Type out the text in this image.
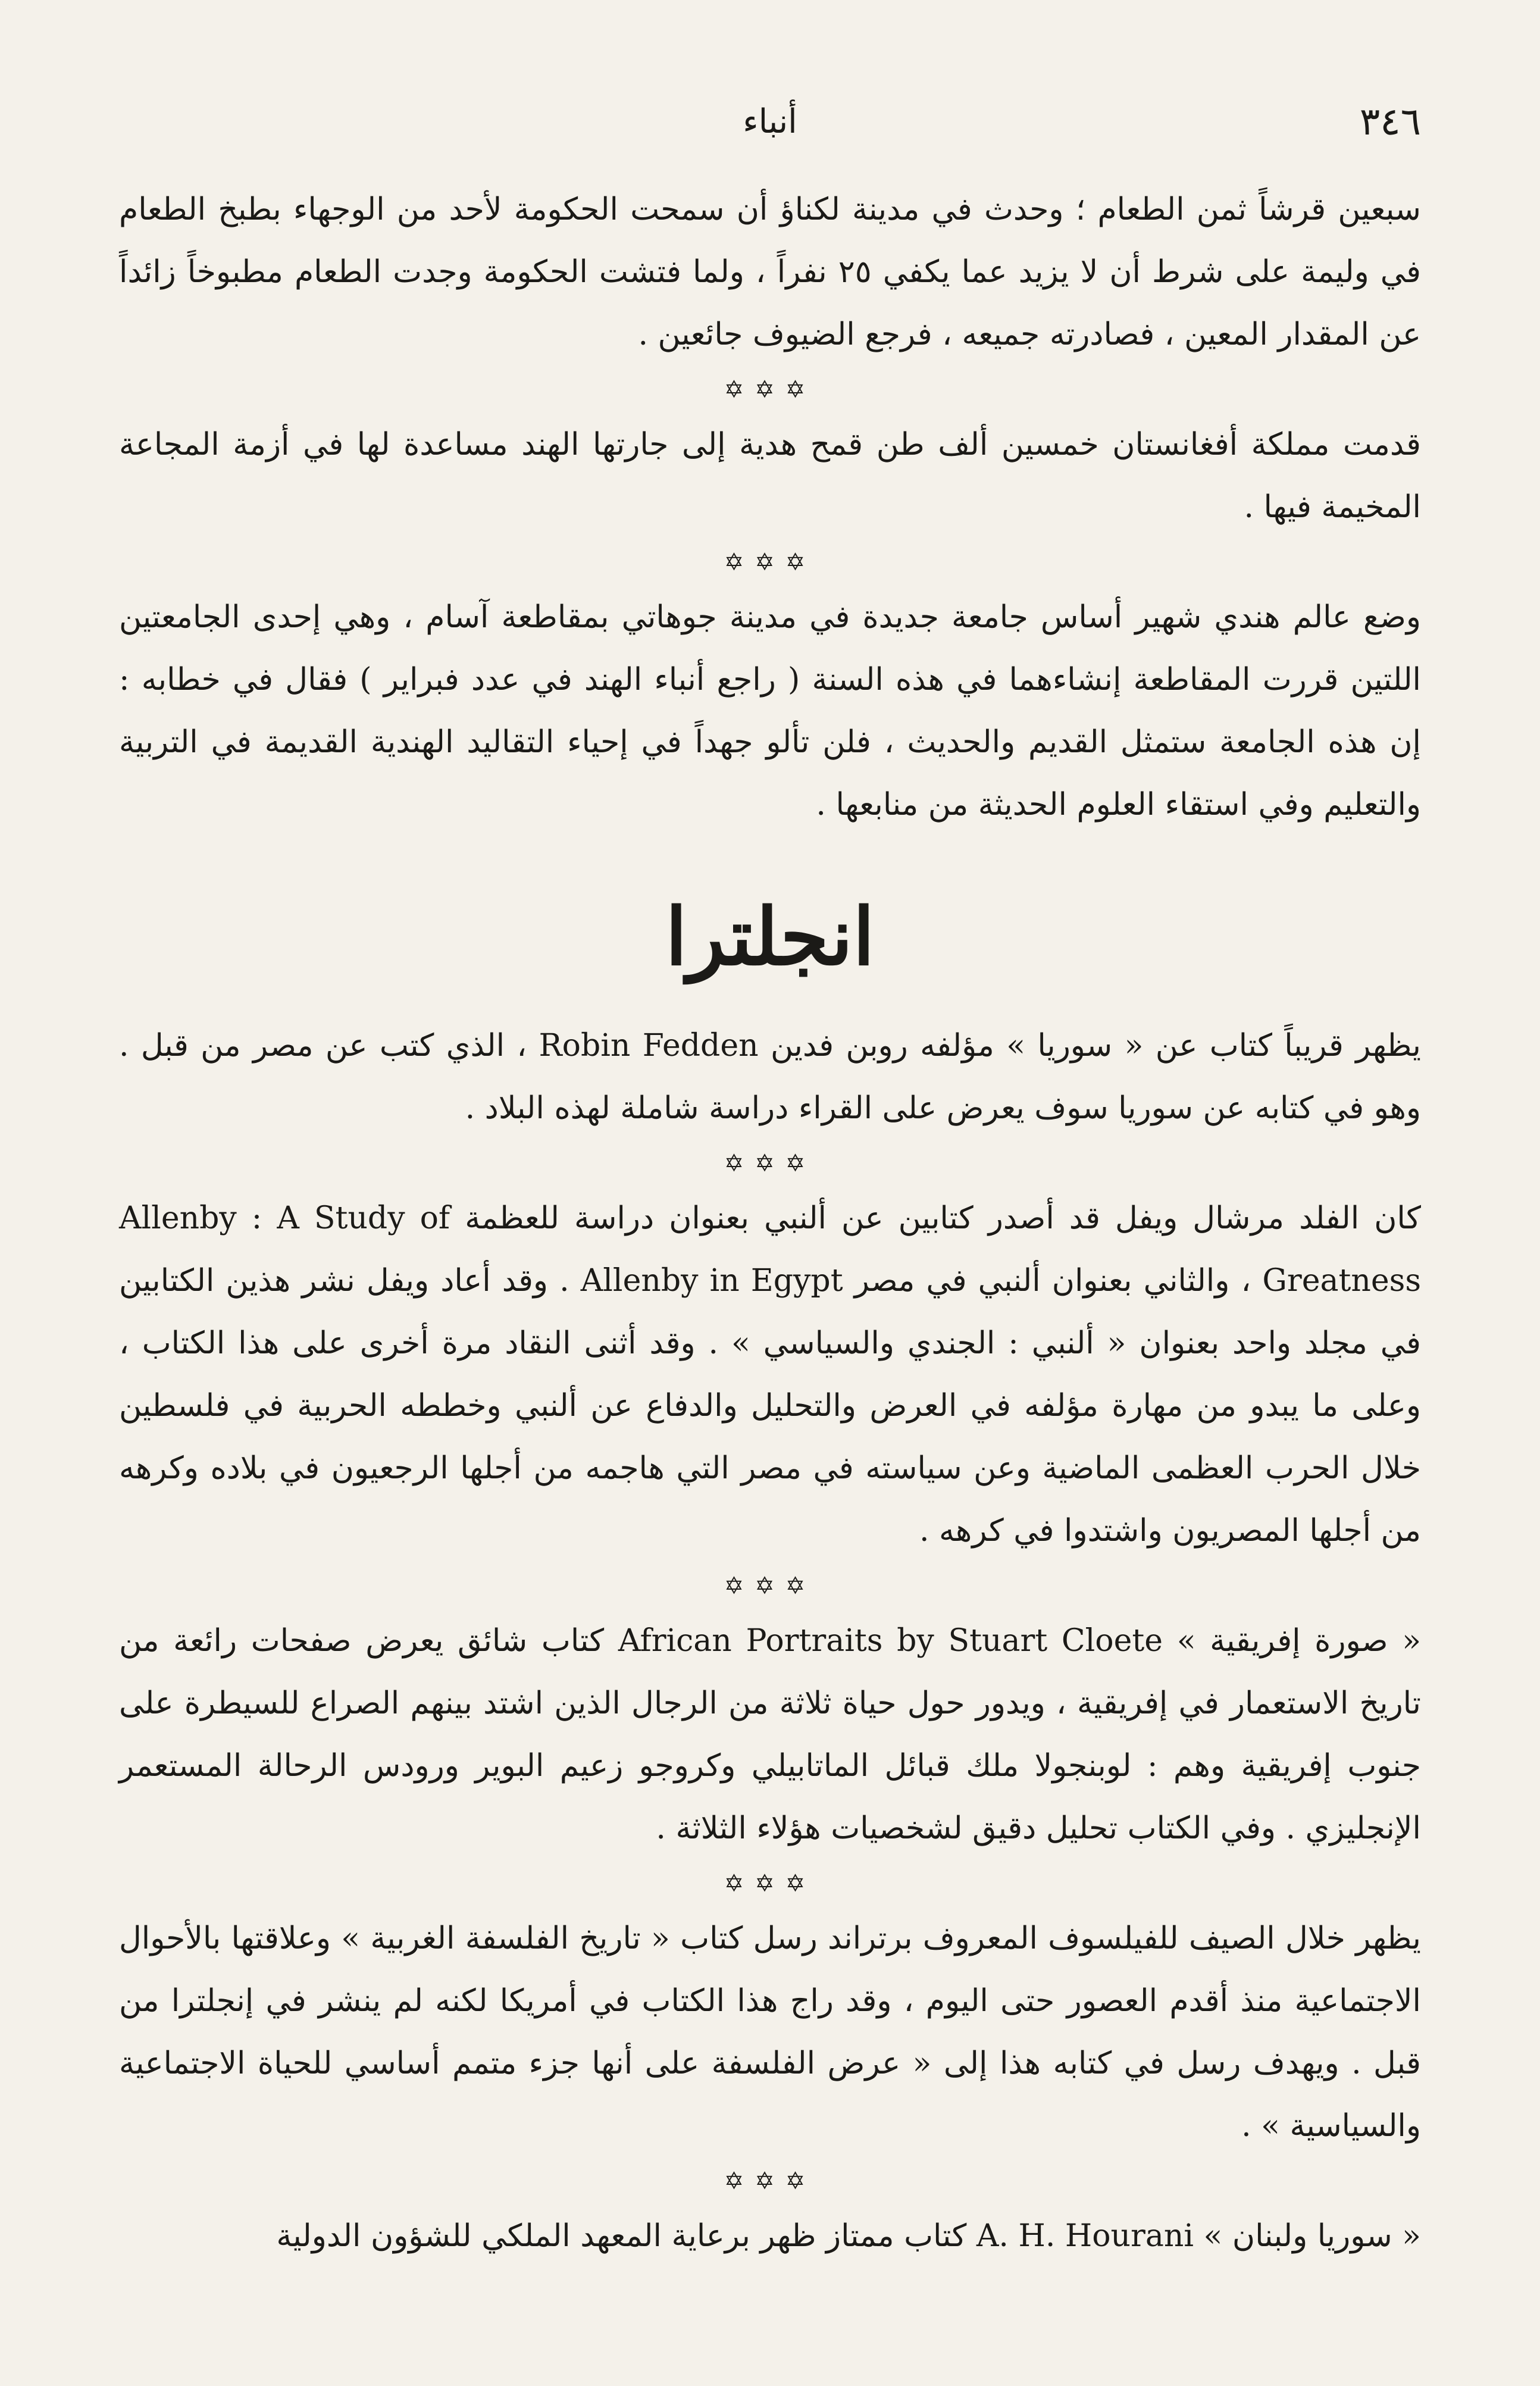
٣٤٦
أنباء

سبعين قرشاً ثمن الطعام ؛ وحدث في مدينة لكناؤ أن سمحت الحكومة لأحد من الوجهاء بطبخ الطعام في وليمة على شرط أن لا يزيد عما يكفي ٢٥ نفراً ، ولما فتشت الحكومة وجدت الطعام مطبوخاً زائداً عن المقدار المعين ، فصادرته جميعه ، فرجع الضيوف جائعين .

✡✡✡

قدمت مملكة أفغانستان خمسين ألف طن قمح هدية إلى جارتها الهند مساعدة لها في أزمة المجاعة المخيمة فيها .

✡✡✡

وضع عالم هندي شهير أساس جامعة جديدة في مدينة جوهاتي بمقاطعة آسام ، وهي إحدى الجامعتين اللتين قررت المقاطعة إنشاءهما في هذه السنة ( راجع أنباء الهند في عدد فبراير ) فقال في خطابه : إن هذه الجامعة ستمثل القديم والحديث ، فلن تألو جهداً في إحياء التقاليد الهندية القديمة في التربية والتعليم وفي استقاء العلوم الحديثة من منابعها .

انجلترا

يظهر قريباً كتاب عن « سوريا » مؤلفه روبن فدين Robin Fedden ، الذي كتب عن مصر من قبل . وهو في كتابه عن سوريا سوف يعرض على القراء دراسة شاملة لهذه البلاد .

✡✡✡

كان الفلد مرشال ويفل قد أصدر كتابين عن ألنبي بعنوان دراسة للعظمة Allenby : A Study of Greatness ، والثاني بعنوان ألنبي في مصر Allenby in Egypt . وقد أعاد ويفل نشر هذين الكتابين في مجلد واحد بعنوان « ألنبي : الجندي والسياسي » . وقد أثنى النقاد مرة أخرى على هذا الكتاب ، وعلى ما يبدو من مهارة مؤلفه في العرض والتحليل والدفاع عن ألنبي وخططه الحربية في فلسطين خلال الحرب العظمى الماضية وعن سياسته في مصر التي هاجمه من أجلها الرجعيون في بلاده وكرهه من أجلها المصريون واشتدوا في كرهه .

✡✡✡

« صورة إفريقية » African Portraits by Stuart Cloete كتاب شائق يعرض صفحات رائعة من تاريخ الاستعمار في إفريقية ، ويدور حول حياة ثلاثة من الرجال الذين اشتد بينهم الصراع للسيطرة على جنوب إفريقية وهم : لوبنجولا ملك قبائل الماتابيلي وكروجو زعيم البوير ورودس الرحالة المستعمر الإنجليزي . وفي الكتاب تحليل دقيق لشخصيات هؤلاء الثلاثة .

✡✡✡

يظهر خلال الصيف للفيلسوف المعروف برتراند رسل كتاب « تاريخ الفلسفة الغربية » وعلاقتها بالأحوال الاجتماعية منذ أقدم العصور حتى اليوم ، وقد راج هذا الكتاب في أمريكا لكنه لم ينشر في إنجلترا من قبل . ويهدف رسل في كتابه هذا إلى « عرض الفلسفة على أنها جزء متمم أساسي للحياة الاجتماعية والسياسية » .

✡✡✡

« سوريا ولبنان » A. H. Hourani كتاب ممتاز ظهر برعاية المعهد الملكي للشؤون الدولية
